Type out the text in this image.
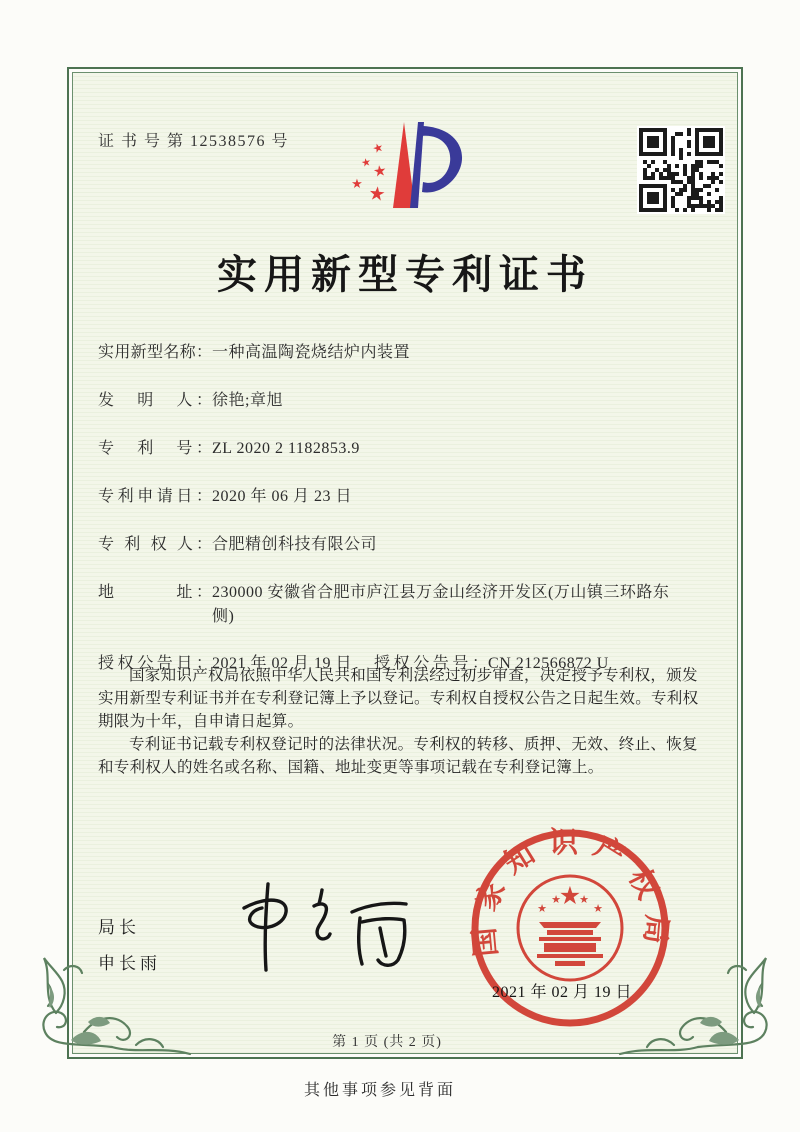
证 书 号 第 12538576 号	★
★
★
★ ★
实用新型专利证书
实用新型名称： 一种高温陶瓷烧结炉内装置
发　明　人： 徐艳;章旭
专　利　号： ZL 2020 2 1182853.9
专利申请日： 2020 年 06 月 23 日
专 利 权 人： 合肥精创科技有限公司
地　　　址： 230000 安徽省合肥市庐江县万金山经济开发区(万山镇三环路东侧)
授权公告日： 2021 年 02 月 19 日 授权公告号： CN 212566872 U

国家知识产权局依照中华人民共和国专利法经过初步审查，决定授予专利权，颁发实用新型专利证书并在专利登记簿上予以登记。专利权自授权公告之日起生效。专利权期限为十年，自申请日起算。

专利证书记载专利权登记时的法律状况。专利权的转移、质押、无效、终止、恢复和专利权人的姓名或名称、国籍、地址变更等事项记载在专利登记簿上。

局长
申长雨
国家知识产权局
★
★
★ ★
★
2021 年 02 月 19 日
第 1 页 (共 2 页)
其他事项参见背面
